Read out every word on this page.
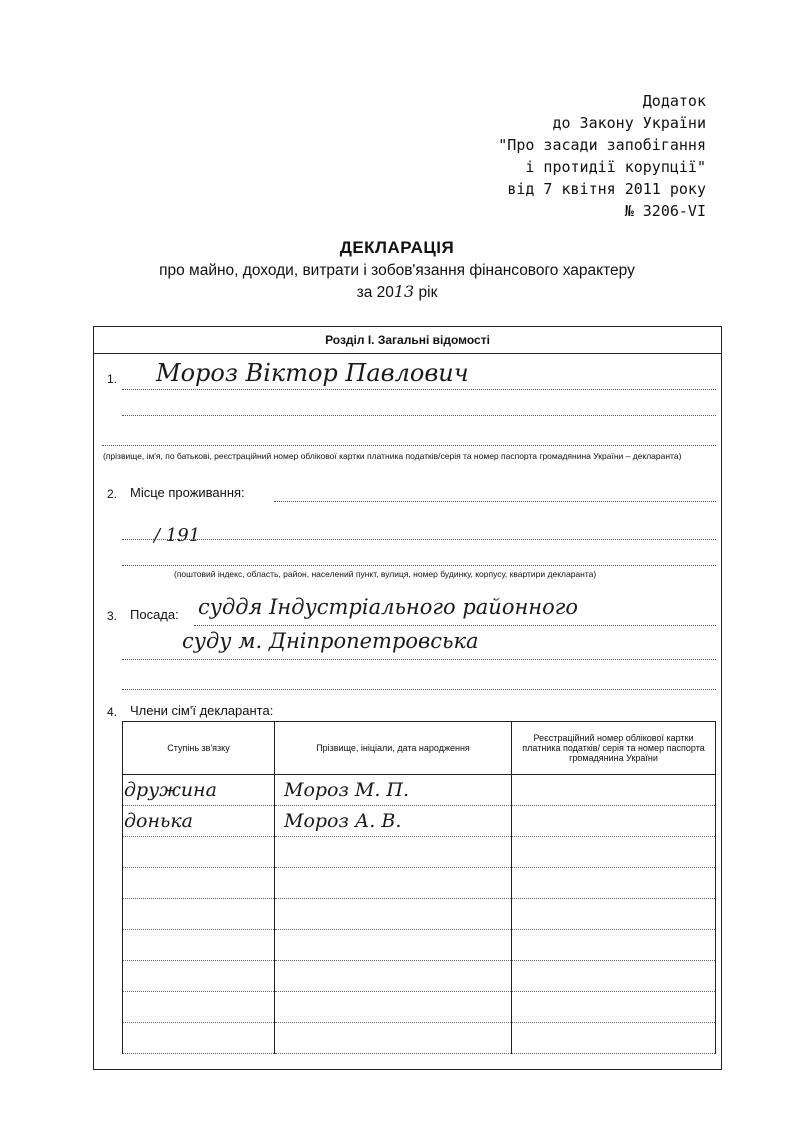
Додаток
до Закону України
"Про засади запобігання
і протидії корупції"
від 7 квітня 2011 року
№ 3206-VI
ДЕКЛАРАЦІЯ
про майно, доходи, витрати і зобов'язання фінансового характеру
за 2013 рік
Розділ І. Загальні відомості
1. Мороз Віктор Павлович
(прізвище, ім'я, по батькові, реєстраційний номер облікової картки платника податків/серія та номер паспорта громадянина України – декларанта)
2. Місце проживання:
/ 191
(поштовий індекс, область, район, населений пункт, вулиця, номер будинку, корпусу, квартири декларанта)
3. Посада: суддя Індустріального районного
суду м. Дніпропетровська
4. Члени сім'ї декларанта:
Ступінь зв'язку	Прізвище, ініціали, дата народження	Реєстраційний номер облікової картки платника податків/ серія та номер паспорта громадянина України
дружина	Мороз М. П.	
донька	Мороз А. В.	
